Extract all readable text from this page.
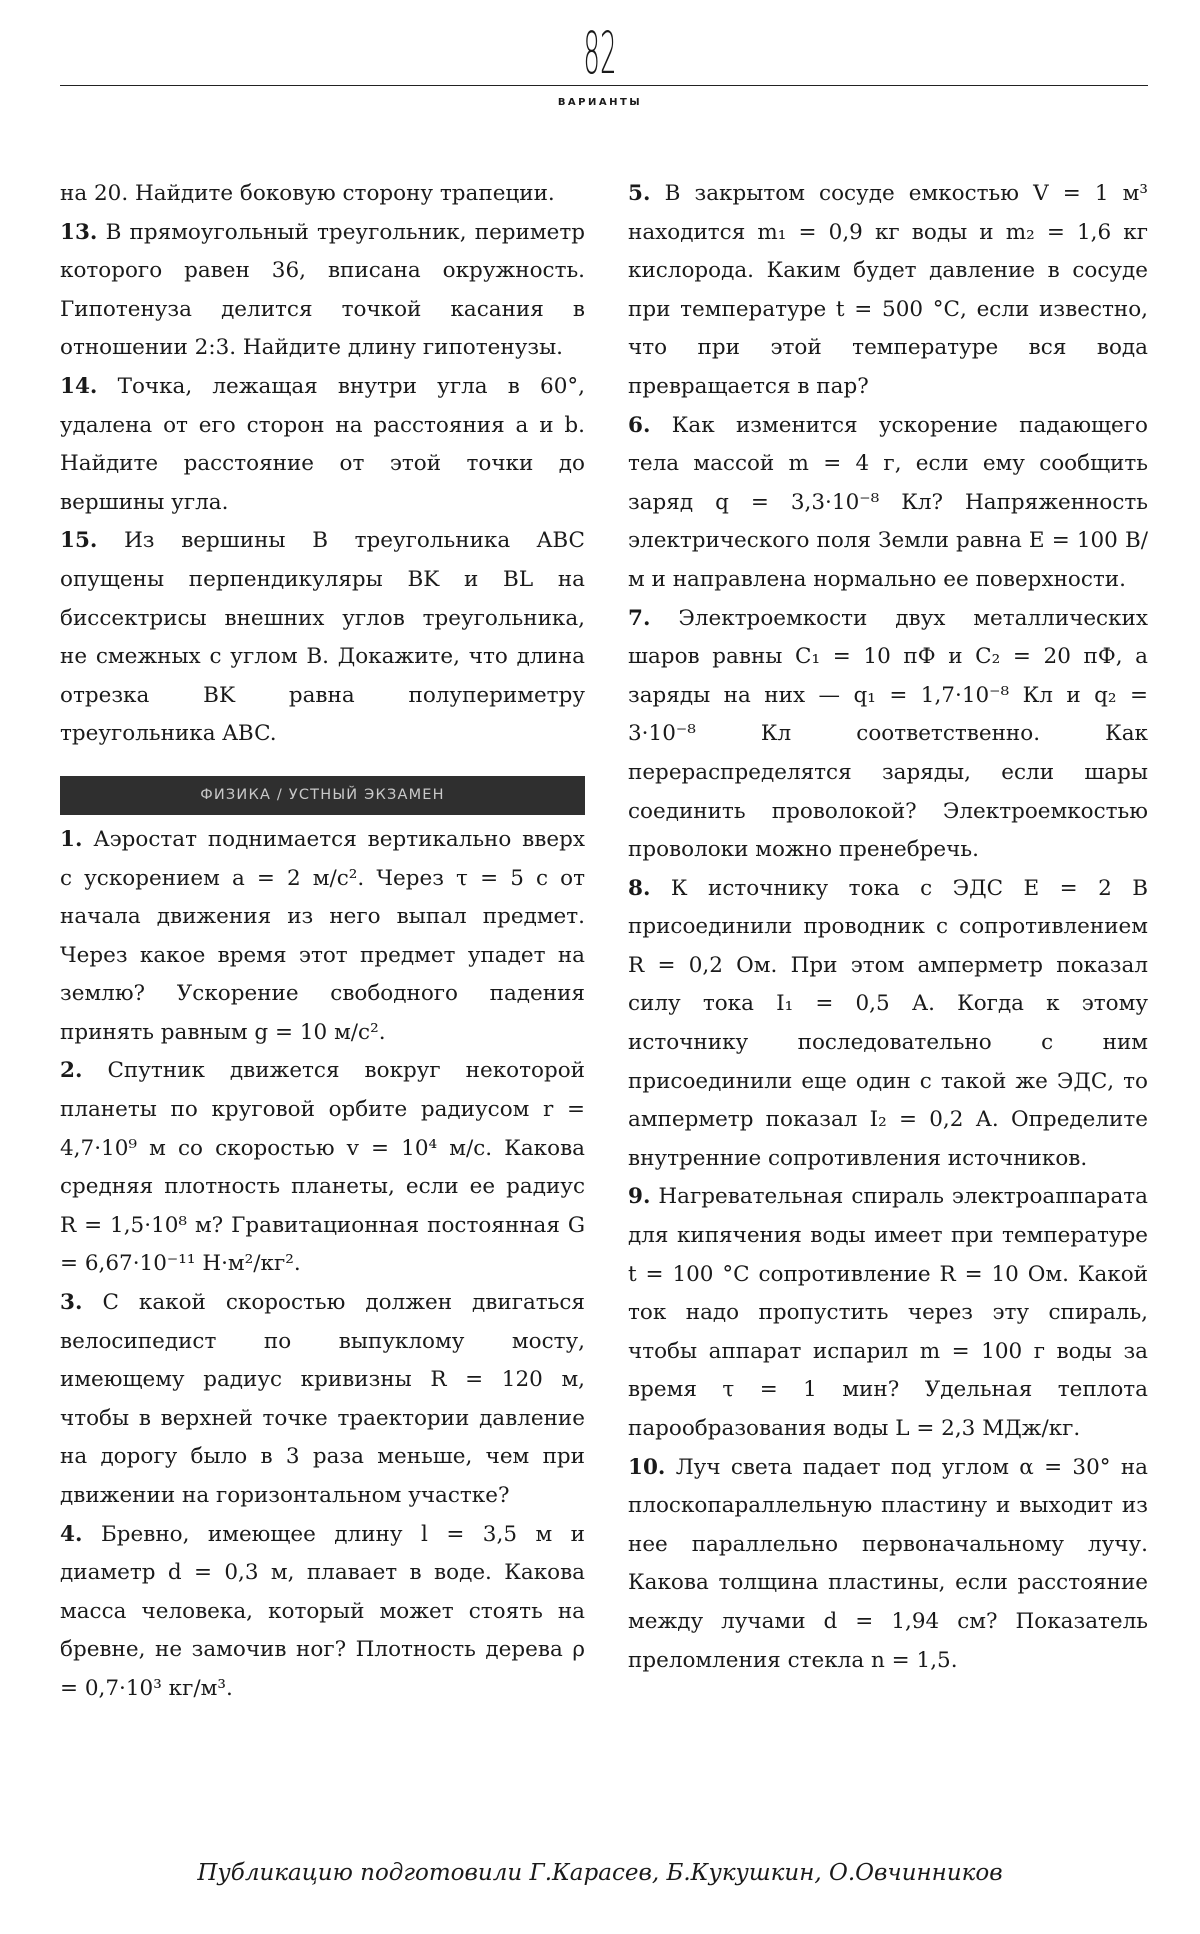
82
ВАРИАНТЫ

на 20. Найдите боковую сторону трапеции.

13. В прямоугольный треугольник, периметр которого равен 36, вписана окружность. Гипотенуза делится точкой касания в отношении 2:3. Найдите длину гипотенузы.

14. Точка, лежащая внутри угла в 60°, удалена от его сторон на расстояния a и b. Найдите расстояние от этой точки до вершины угла.

15. Из вершины B треугольника ABC опущены перпендикуляры BK и BL на биссектрисы внешних углов треугольника, не смежных с углом B. Докажите, что длина отрезка BK равна полупериметру треугольника ABC.

ФИЗИКА / УСТНЫЙ ЭКЗАМЕН

1. Аэростат поднимается вертикально вверх с ускорением a = 2 м/с². Через τ = 5 с от начала движения из него выпал предмет. Через какое время этот предмет упадет на землю? Ускорение свободного падения принять равным g = 10 м/с².

2. Спутник движется вокруг некоторой планеты по круговой орбите радиусом r = 4,7·10⁹ м со скоростью v = 10⁴ м/с. Какова средняя плотность планеты, если ее радиус R = 1,5·10⁸ м? Гравитационная постоянная G = 6,67·10⁻¹¹ Н·м²/кг².

3. С какой скоростью должен двигаться велосипедист по выпуклому мосту, имеющему радиус кривизны R = 120 м, чтобы в верхней точке траектории давление на дорогу было в 3 раза меньше, чем при движении на горизонтальном участке?

4. Бревно, имеющее длину l = 3,5 м и диаметр d = 0,3 м, плавает в воде. Какова масса человека, который может стоять на бревне, не замочив ног? Плотность дерева ρ = 0,7·10³ кг/м³.

5. В закрытом сосуде емкостью V = 1 м³ находится m₁ = 0,9 кг воды и m₂ = 1,6 кг кислорода. Каким будет давление в сосуде при температуре t = 500 °С, если известно, что при этой температуре вся вода превращается в пар?

6. Как изменится ускорение падающего тела массой m = 4 г, если ему сообщить заряд q = 3,3·10⁻⁸ Кл? Напряженность электрического поля Земли равна E = 100 В/м и направлена нормально ее поверхности.

7. Электроемкости двух металлических шаров равны C₁ = 10 пФ и C₂ = 20 пФ, а заряды на них — q₁ = 1,7·10⁻⁸ Кл и q₂ = 3·10⁻⁸ Кл соответственно. Как перераспределятся заряды, если шары соединить проволокой? Электроемкостью проволоки можно пренебречь.

8. К источнику тока с ЭДС E = 2 В присоединили проводник с сопротивлением R = 0,2 Ом. При этом амперметр показал силу тока I₁ = 0,5 А. Когда к этому источнику последовательно с ним присоединили еще один с такой же ЭДС, то амперметр показал I₂ = 0,2 А. Определите внутренние сопротивления источников.

9. Нагревательная спираль электроаппарата для кипячения воды имеет при температуре t = 100 °С сопротивление R = 10 Ом. Какой ток надо пропустить через эту спираль, чтобы аппарат испарил m = 100 г воды за время τ = 1 мин? Удельная теплота парообразования воды L = 2,3 МДж/кг.

10. Луч света падает под углом α = 30° на плоскопараллельную пластину и выходит из нее параллельно первоначальному лучу. Какова толщина пластины, если расстояние между лучами d = 1,94 см? Показатель преломления стекла n = 1,5.

Публикацию подготовили Г.Карасев, Б.Кукушкин, О.Овчинников
